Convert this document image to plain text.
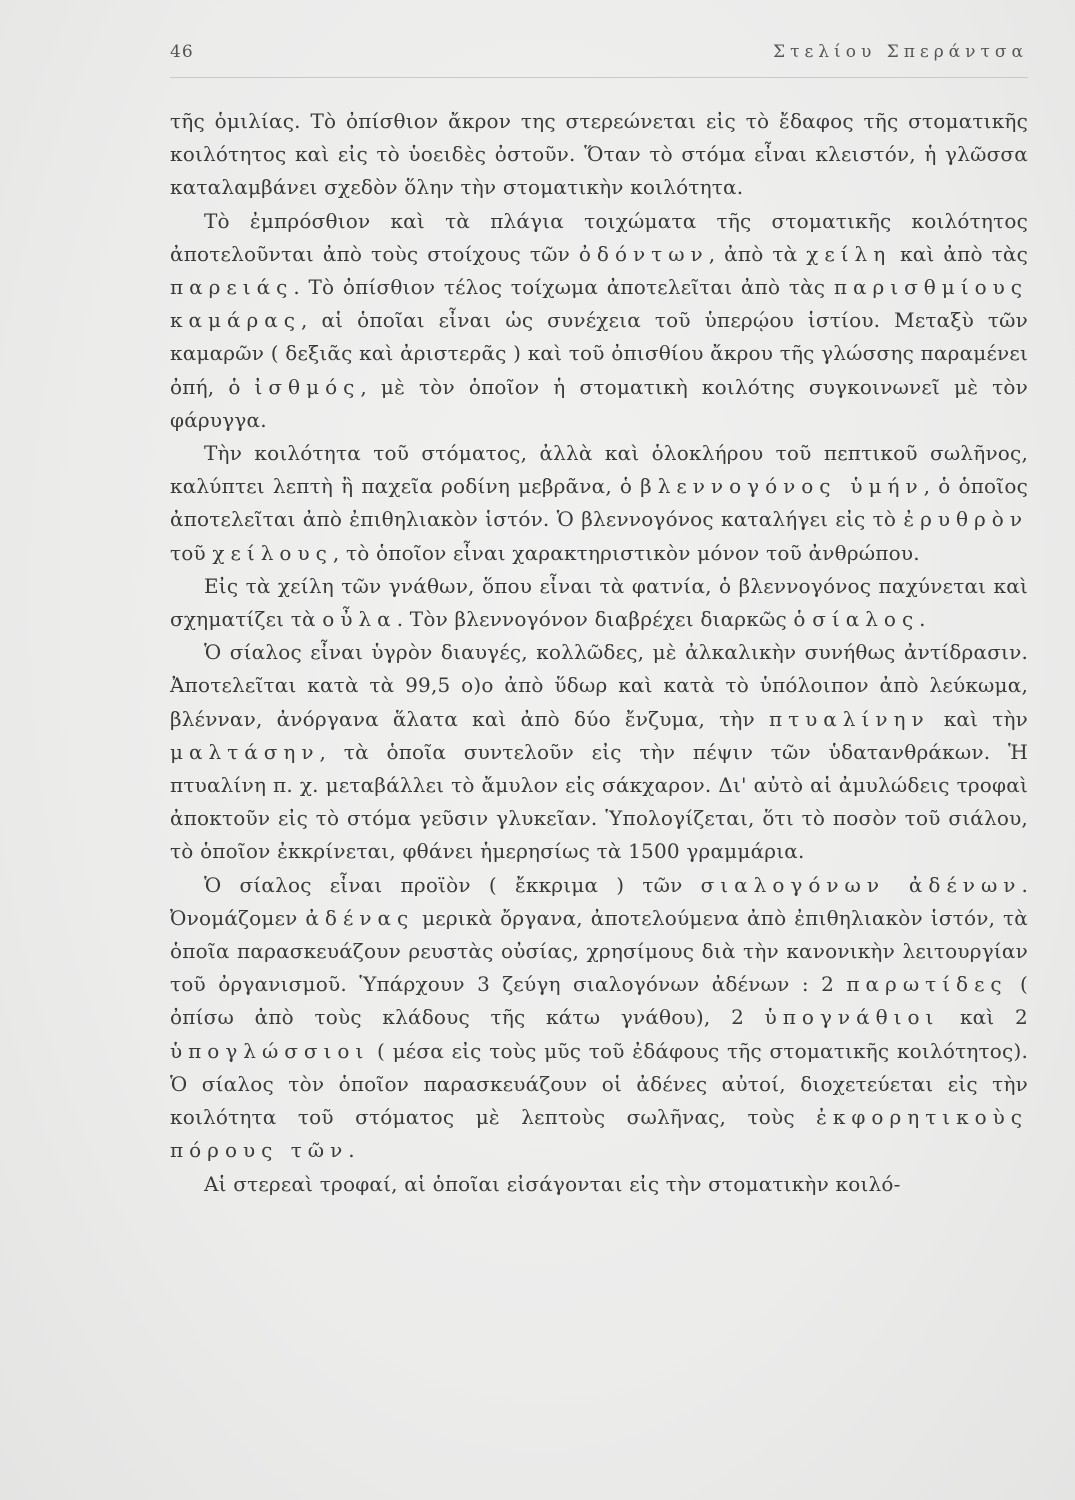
46	Στελίου Σπεράντσα

τῆς ὁμιλίας. Τὸ ὀπίσθιον ἄκρον της στερεώνεται εἰς τὸ ἔδαφος τῆς στοματικῆς κοιλότητος καὶ εἰς τὸ ὑοειδὲς ὀστοῦν. Ὅταν τὸ στόμα εἶναι κλειστόν, ἡ γλῶσσα καταλαμβάνει σχεδὸν ὅλην τὴν στοματικὴν κοιλότητα.

Τὸ ἐμπρόσθιον καὶ τὰ πλάγια τοιχώματα τῆς στοματικῆς κοιλότητος ἀποτελοῦνται ἀπὸ τοὺς στοίχους τῶν ὀδόντων, ἀπὸ τὰ χείλη καὶ ἀπὸ τὰς παρειάς. Τὸ ὀπίσθιον τέλος τοίχωμα ἀποτελεῖται ἀπὸ τὰς παρισθμίους καμάρας, αἱ ὁποῖαι εἶναι ὡς συνέχεια τοῦ ὑπερῴου ἱστίου. Μεταξὺ τῶν καμαρῶν ( δεξιᾶς καὶ ἀριστερᾶς ) καὶ τοῦ ὀπισθίου ἄκρου τῆς γλώσσης παραμένει ὀπή, ὁ ἰσθμός, μὲ τὸν ὁποῖον ἡ στοματικὴ κοιλότης συγκοινωνεῖ μὲ τὸν φάρυγγα.

Τὴν κοιλότητα τοῦ στόματος, ἀλλὰ καὶ ὁλοκλήρου τοῦ πεπτικοῦ σωλῆνος, καλύπτει λεπτὴ ἢ παχεῖα ροδίνη μεβρᾶνα, ὁ βλεννογόνος ὑμήν, ὁ ὁποῖος ἀποτελεῖται ἀπὸ ἐπιθηλιακὸν ἱστόν. Ὁ βλεννογόνος καταλήγει εἰς τὸ ἐρυθρὸν τοῦ χείλους, τὸ ὁποῖον εἶναι χαρακτηριστικὸν μόνον τοῦ ἀνθρώπου.

Εἰς τὰ χείλη τῶν γνάθων, ὅπου εἶναι τὰ φατνία, ὁ βλεννογόνος παχύνεται καὶ σχηματίζει τὰ οὖλα. Τὸν βλεννογόνον διαβρέχει διαρκῶς ὁ σίαλος.

Ὁ σίαλος εἶναι ὑγρὸν διαυγές, κολλῶδες, μὲ ἀλκαλικὴν συνήθως ἀντίδρασιν. Ἀποτελεῖται κατὰ τὰ 99,5 ο)ο ἀπὸ ὕδωρ καὶ κατὰ τὸ ὑπόλοιπον ἀπὸ λεύκωμα, βλένναν, ἀνόργανα ἅλατα καὶ ἀπὸ δύο ἔνζυμα, τὴν πτυαλίνην καὶ τὴν μαλτάσην, τὰ ὁποῖα συντελοῦν εἰς τὴν πέψιν τῶν ὑδατανθράκων. Ἡ πτυαλίνη π. χ. μεταβάλλει τὸ ἄμυλον εἰς σάκχαρον. Δι' αὐτὸ αἱ ἀμυλώδεις τροφαὶ ἀποκτοῦν εἰς τὸ στόμα γεῦσιν γλυκεῖαν. Ὑπολογίζεται, ὅτι τὸ ποσὸν τοῦ σιάλου, τὸ ὁποῖον ἐκκρίνεται, φθάνει ἡμερησίως τὰ 1500 γραμμάρια.

Ὁ σίαλος εἶναι προϊὸν ( ἔκκριμα ) τῶν σιαλογόνων ἀδένων. Ὀνομάζομεν ἀδένας μερικὰ ὄργανα, ἀποτελούμενα ἀπὸ ἐπιθηλιακὸν ἱστόν, τὰ ὁποῖα παρασκευάζουν ρευστὰς οὐσίας, χρησίμους διὰ τὴν κανονικὴν λειτουργίαν τοῦ ὀργανισμοῦ. Ὑπάρχουν 3 ζεύγη σιαλογόνων ἀδένων : 2 παρωτίδες ( ὀπίσω ἀπὸ τοὺς κλάδους τῆς κάτω γνάθου), 2 ὑπογνάθιοι καὶ 2 ὑπογλώσσιοι ( μέσα εἰς τοὺς μῦς τοῦ ἐδάφους τῆς στοματικῆς κοιλότητος). Ὁ σίαλος τὸν ὁποῖον παρασκευάζουν οἱ ἀδένες αὐτοί, διοχετεύεται εἰς τὴν κοιλότητα τοῦ στόματος μὲ λεπτοὺς σωλῆνας, τοὺς ἐκφορητικοὺς πόρους τῶν.

Αἱ στερεαὶ τροφαί, αἱ ὁποῖαι εἰσάγονται εἰς τὴν στοματικὴν κοιλό-
